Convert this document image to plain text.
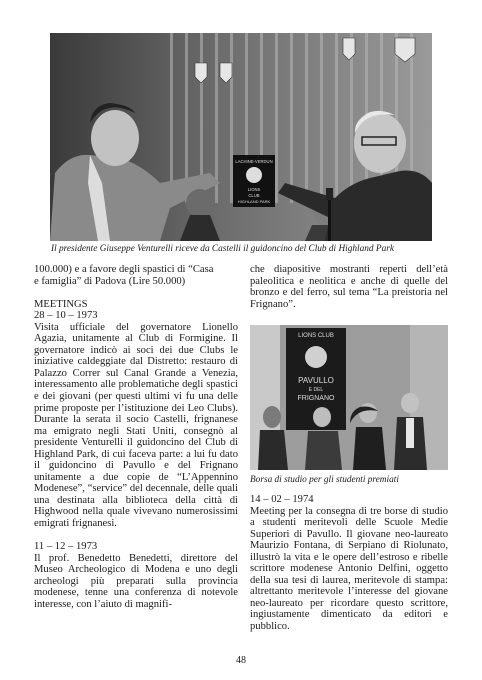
LACHINE-VERDUN
LIONS
CLUB
HIGHLAND PARK
Il presidente Giuseppe Venturelli riceve da Castelli il guidoncino del Club di Highland Park
100.000) e a favore degli spastici di “Casa
e famiglia” di Padova (Lire 50.000)
MEETINGS
28 – 10 – 1973

Visita ufficiale del governatore Lionello Agazia, unitamente al Club di Formigine. Il governatore indicò ai soci dei due Clubs le iniziative caldeggiate dal Distretto: restauro di Palazzo Correr sul Canal Grande a Venezia, interessamento alle problematiche degli spastici e dei giovani (per questi ultimi vi fu una delle prime proposte per l’istituzione dei Leo Clubs). Durante la serata il socio Castelli, frignanese ma emigrato negli Stati Uniti, consegnò al presidente Venturelli il guidoncino del Club di Highland Park, di cui faceva parte: a lui fu dato il guidoncino di Pavullo e del Frignano unitamente a due copie de “L’Appennino Modenese”, “service” del decennale, delle quali una destinata alla biblioteca della città di Highwood nella quale vivevano numerosissimi emigrati frignanesi.

11 – 12 – 1973

Il prof. Benedetto Benedetti, direttore del Museo Archeologico di Modena e uno degli archeologi più preparati sulla provincia modenese, tenne una conferenza di notevole interesse, con l’aiuto di magnifi-

che diapositive mostranti reperti dell’età paleolitica e neolitica e anche di quelle del bronzo e del ferro, sul tema “La preistoria nel Frignano”.

LIONS CLUB
PAVULLO
E DEL
FRIGNANO
Borsa di studio per gli studenti premiati
14 – 02 – 1974

Meeting per la consegna di tre borse di studio a studenti meritevoli delle Scuole Medie Superiori di Pavullo. Il giovane neo-laureato Maurizio Fontana, di Serpiano di Riolunato, illustrò la vita e le opere dell’estroso e ribelle scrittore modenese Antonio Delfini, oggetto della sua tesi di laurea, meritevole di stampa: altrettanto meritevole l’interesse del giovane neo-laureato per ricordare questo scrittore, ingiustamente dimenticato da editori e pubblico.

48
